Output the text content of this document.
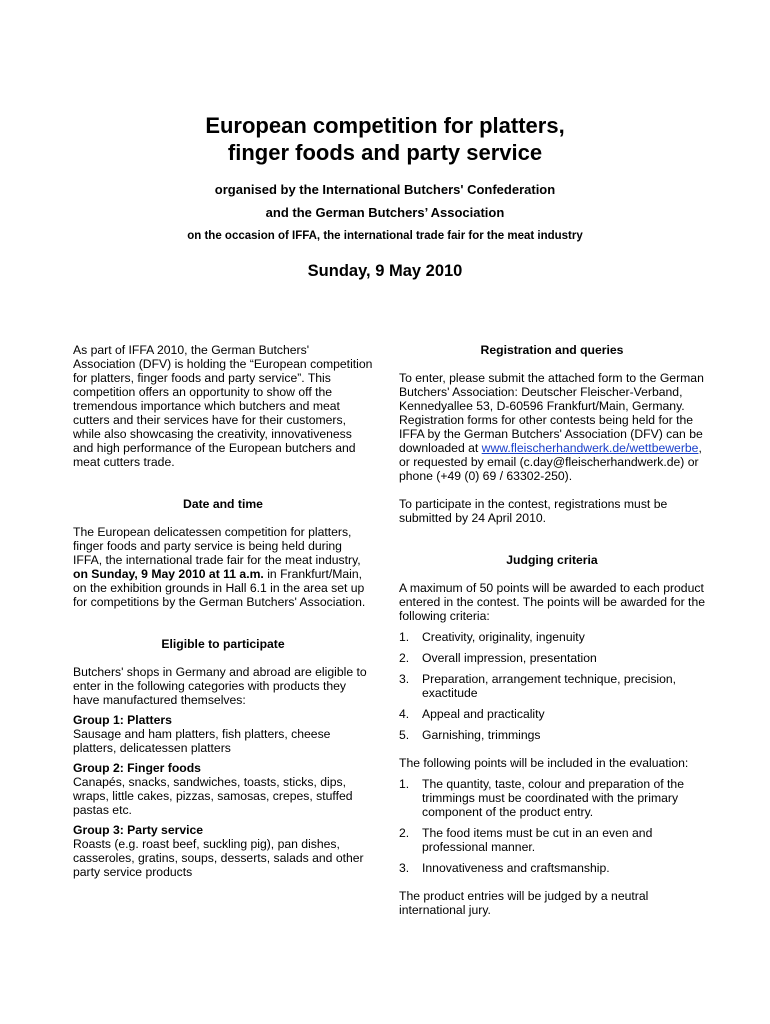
European competition for platters,

finger foods and party service

organised by the International Butchers' Confederation

and the German Butchers’ Association

on the occasion of IFFA, the international trade fair for the meat industry

Sunday, 9 May 2010

As part of IFFA 2010, the German Butchers' Association (DFV) is holding the “European competition for platters, finger foods and party service”. This competition offers an opportunity to show off the tremendous importance which butchers and meat cutters and their services have for their customers, while also showcasing the creativity, innovativeness and high performance of the European butchers and meat cutters trade.

Date and time

The European delicatessen competition for platters, finger foods and party service is being held during IFFA, the international trade fair for the meat industry, on Sunday, 9 May 2010 at 11 a.m. in Frankfurt/Main, on the exhibition grounds in Hall 6.1 in the area set up for competitions by the German Butchers' Association.

Eligible to participate

Butchers' shops in Germany and abroad are eligible to enter in the following categories with products they have manufactured themselves:

Group 1: Platters

Sausage and ham platters, fish platters, cheese platters, delicatessen platters

Group 2: Finger foods

Canapés, snacks, sandwiches, toasts, sticks, dips, wraps, little cakes, pizzas, samosas, crepes, stuffed pastas etc.

Group 3: Party service

Roasts (e.g. roast beef, suckling pig), pan dishes, casseroles, gratins, soups, desserts, salads and other party service products

Registration and queries

To enter, please submit the attached form to the German Butchers' Association: Deutscher Fleischer-Verband, Kennedyallee 53, D-60596 Frankfurt/Main, Germany. Registration forms for other contests being held for the IFFA by the German Butchers' Association (DFV) can be downloaded at www.fleischerhandwerk.de/wettbewerbe, or requested by email (c.day@fleischerhandwerk.de) or phone (+49 (0) 69 / 63302-250).

To participate in the contest, registrations must be submitted by 24 April 2010.

Judging criteria

A maximum of 50 points will be awarded to each product entered in the contest. The points will be awarded for the following criteria:

1. Creativity, originality, ingenuity
2. Overall impression, presentation
3. Preparation, arrangement technique, precision, exactitude
4. Appeal and practicality
5. Garnishing, trimmings

The following points will be included in the evaluation:

1. The quantity, taste, colour and preparation of the trimmings must be coordinated with the primary component of the product entry.
2. The food items must be cut in an even and professional manner.
3. Innovativeness and craftsmanship.

The product entries will be judged by a neutral international jury.
